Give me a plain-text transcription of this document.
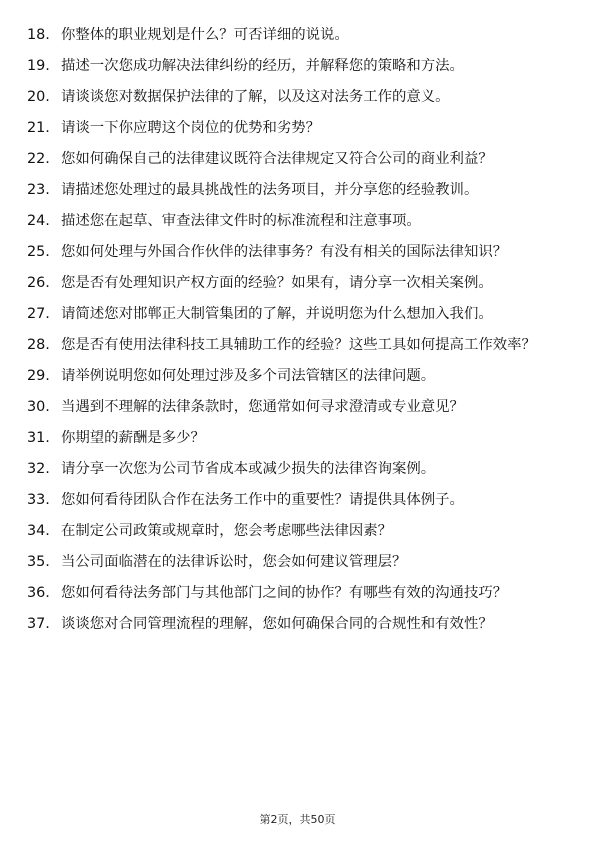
18. 你整体的职业规划是什么？可否详细的说说。
19. 描述一次您成功解决法律纠纷的经历，并解释您的策略和方法。
20. 请谈谈您对数据保护法律的了解，以及这对法务工作的意义。
21. 请谈一下你应聘这个岗位的优势和劣势？
22. 您如何确保自己的法律建议既符合法律规定又符合公司的商业利益？
23. 请描述您处理过的最具挑战性的法务项目，并分享您的经验教训。
24. 描述您在起草、审查法律文件时的标准流程和注意事项。
25. 您如何处理与外国合作伙伴的法律事务？有没有相关的国际法律知识？
26. 您是否有处理知识产权方面的经验？如果有，请分享一次相关案例。
27. 请简述您对邯郸正大制管集团的了解，并说明您为什么想加入我们。
28. 您是否有使用法律科技工具辅助工作的经验？这些工具如何提高工作效率？
29. 请举例说明您如何处理过涉及多个司法管辖区的法律问题。
30. 当遇到不理解的法律条款时，您通常如何寻求澄清或专业意见？
31. 你期望的薪酬是多少？
32. 请分享一次您为公司节省成本或减少损失的法律咨询案例。
33. 您如何看待团队合作在法务工作中的重要性？请提供具体例子。
34. 在制定公司政策或规章时，您会考虑哪些法律因素？
35. 当公司面临潜在的法律诉讼时，您会如何建议管理层？
36. 您如何看待法务部门与其他部门之间的协作？有哪些有效的沟通技巧？
37. 谈谈您对合同管理流程的理解，您如何确保合同的合规性和有效性？
第2页，共50页
